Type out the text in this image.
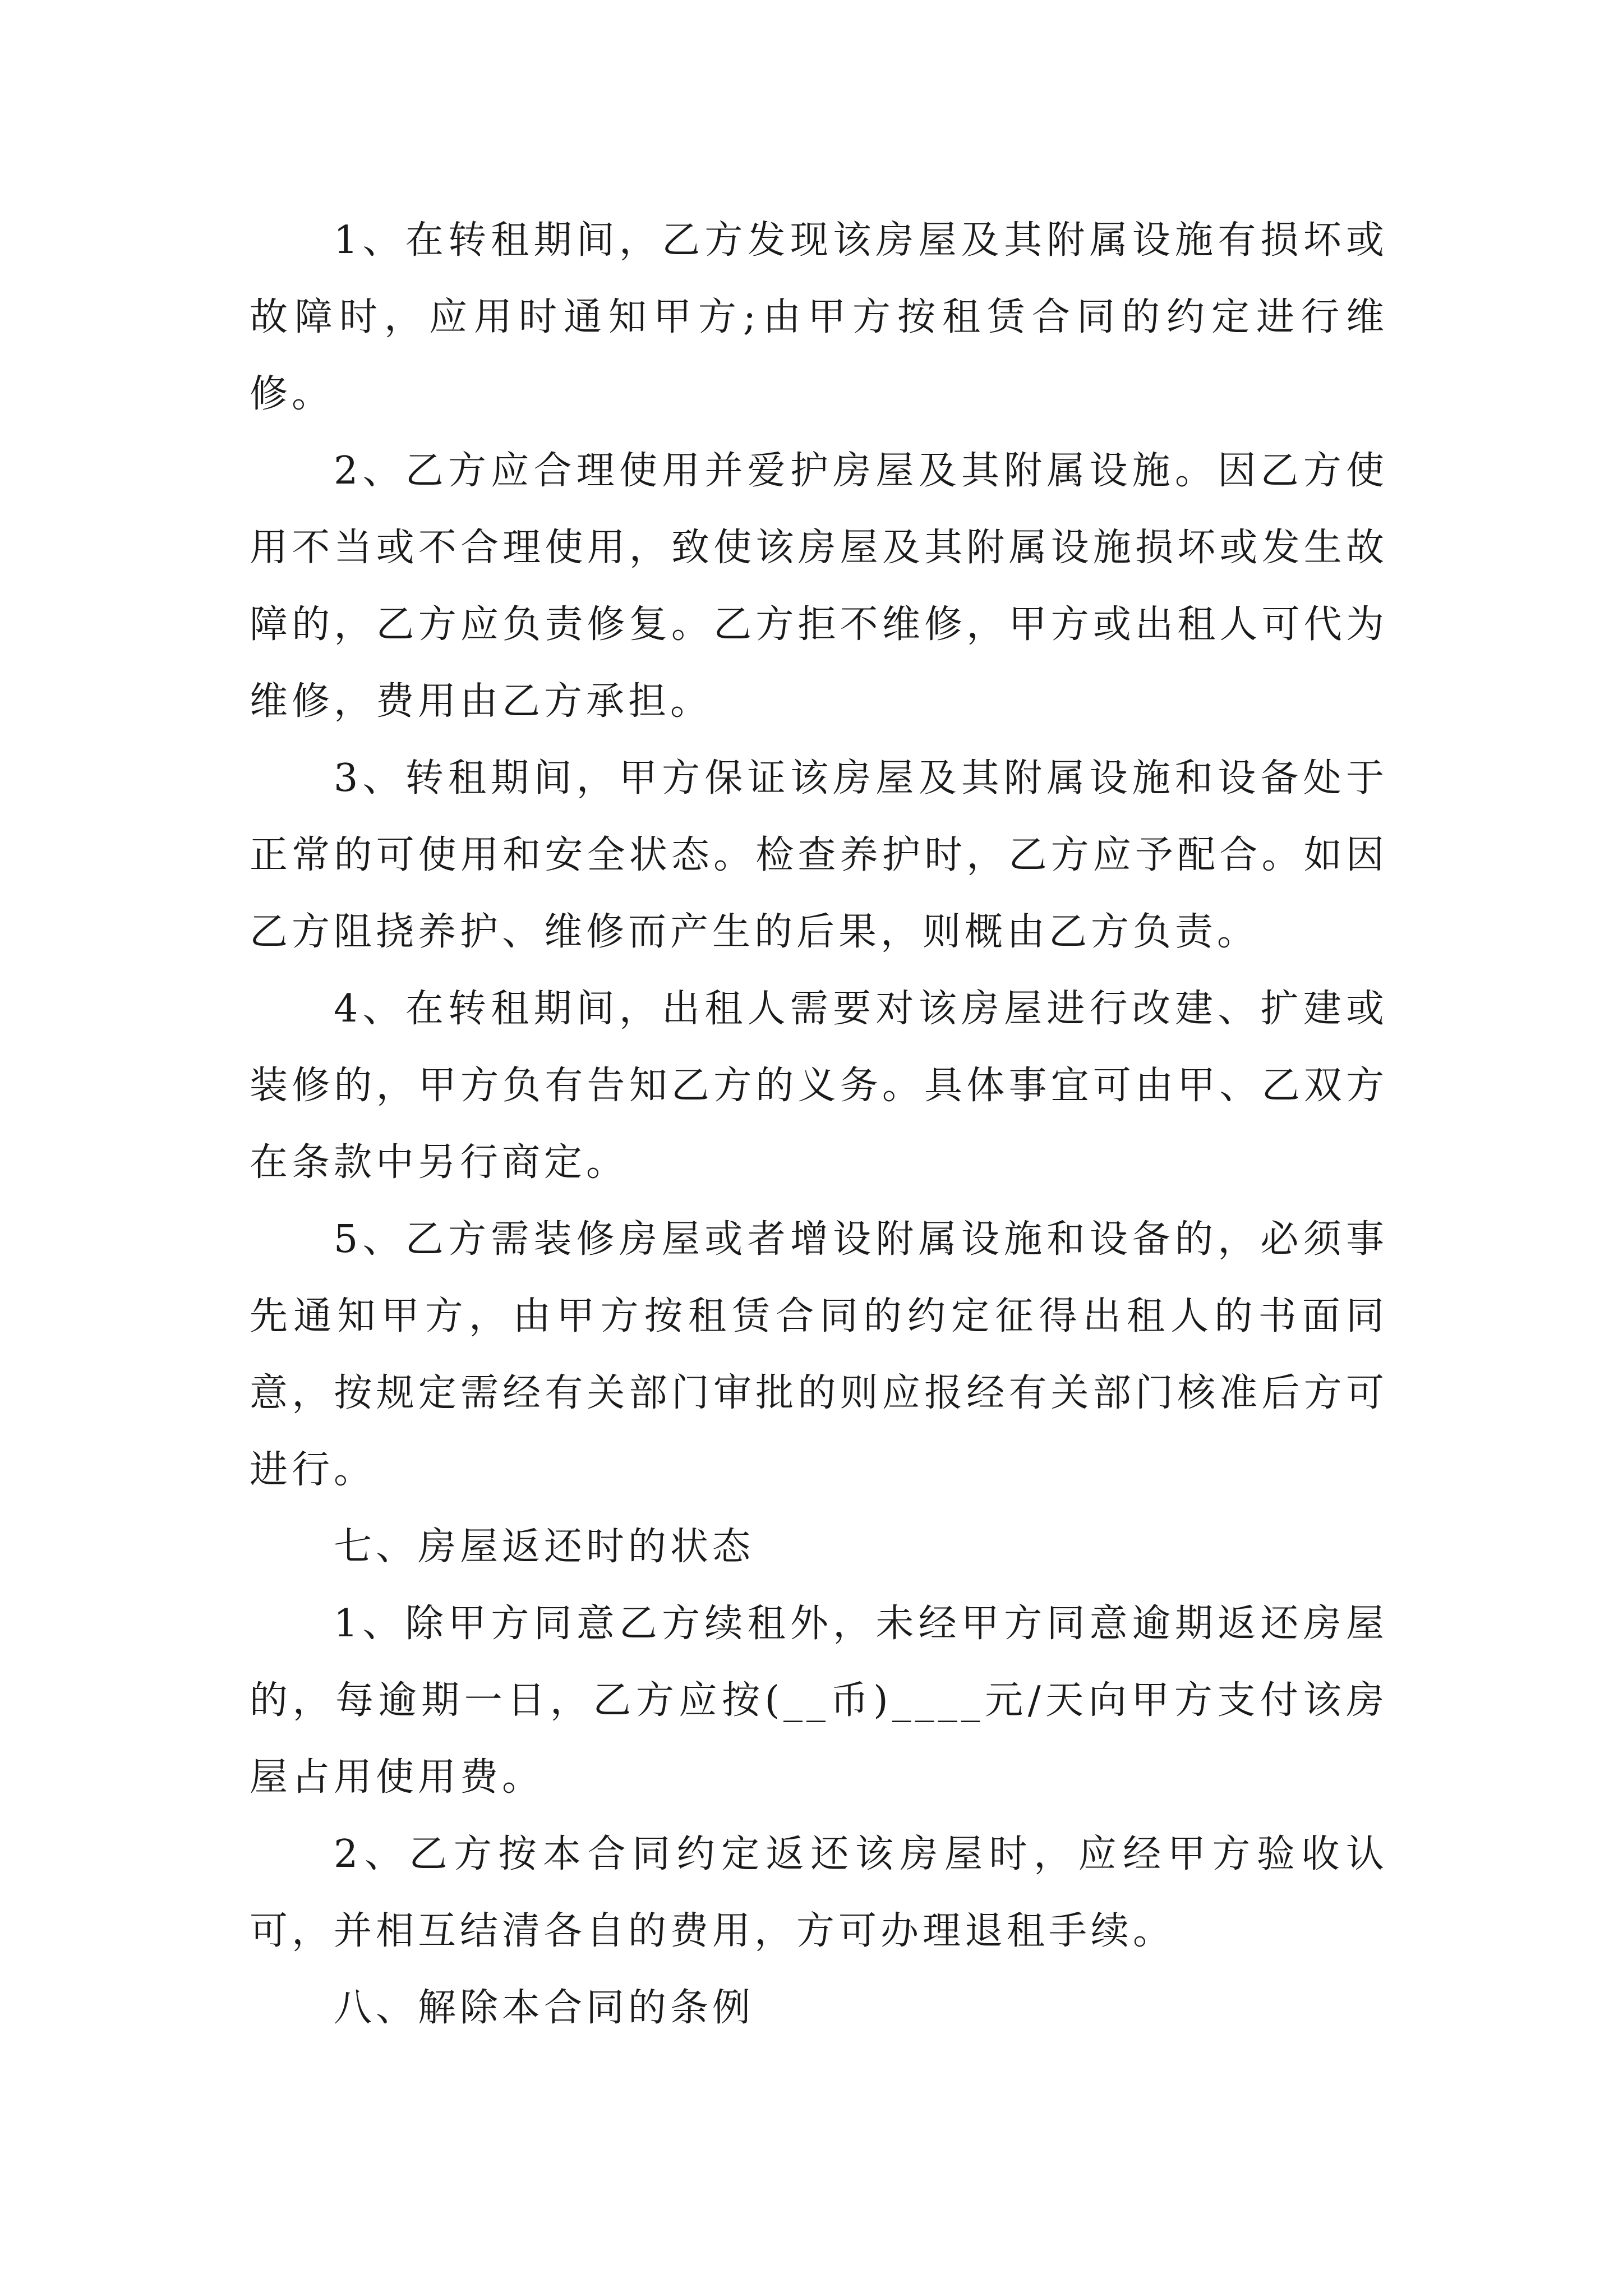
1、在转租期间，乙方发现该房屋及其附属设施有损坏或故障时，应用时通知甲方;由甲方按租赁合同的约定进行维修。

2、乙方应合理使用并爱护房屋及其附属设施。因乙方使用不当或不合理使用，致使该房屋及其附属设施损坏或发生故障的，乙方应负责修复。乙方拒不维修，甲方或出租人可代为维修，费用由乙方承担。

3、转租期间，甲方保证该房屋及其附属设施和设备处于正常的可使用和安全状态。检查养护时，乙方应予配合。如因乙方阻挠养护、维修而产生的后果，则概由乙方负责。

4、在转租期间，出租人需要对该房屋进行改建、扩建或装修的，甲方负有告知乙方的义务。具体事宜可由甲、乙双方在条款中另行商定。

5、乙方需装修房屋或者增设附属设施和设备的，必须事先通知甲方，由甲方按租赁合同的约定征得出租人的书面同意，按规定需经有关部门审批的则应报经有关部门核准后方可进行。

七、房屋返还时的状态

1、除甲方同意乙方续租外，未经甲方同意逾期返还房屋的，每逾期一日，乙方应按(__币)____元/天向甲方支付该房屋占用使用费。

2、乙方按本合同约定返还该房屋时，应经甲方验收认可，并相互结清各自的费用，方可办理退租手续。

八、解除本合同的条例
